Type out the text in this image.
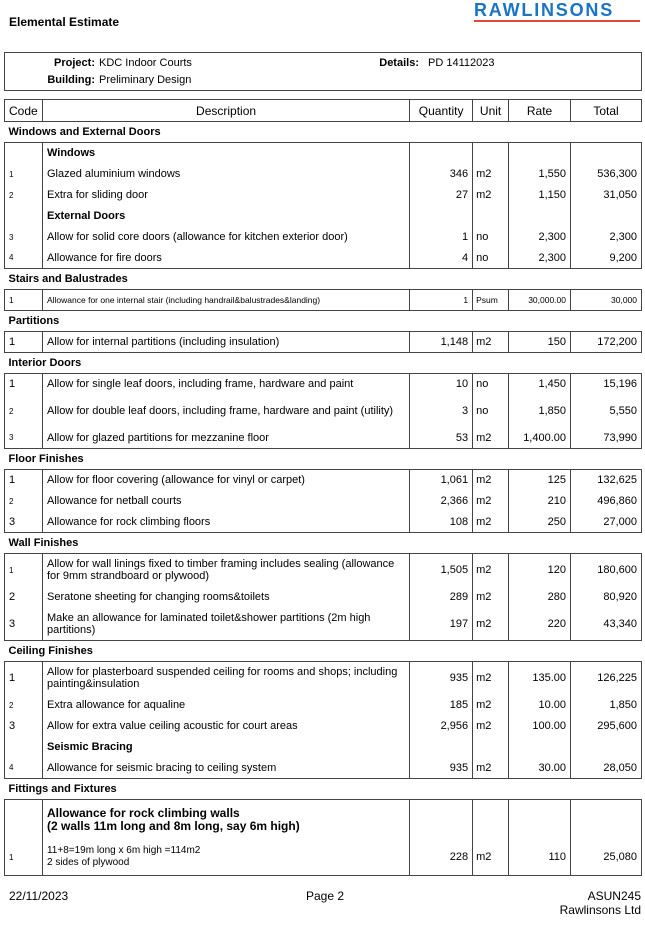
Elemental Estimate
RAWLINSONS
Project: KDC Indoor Courts
Building: Preliminary Design
Details: PD 14112023
Code	Description	Quantity	Unit	Rate	Total
Windows and External Doors					
	Windows				
1	Glazed aluminium windows	346	m2	1,550	536,300
2	Extra for sliding door	27	m2	1,150	31,050
	External Doors				
3	Allow for solid core doors (allowance for kitchen exterior door)	1	no	2,300	2,300
4	Allowance for fire doors	4	no	2,300	9,200
Stairs and Balustrades					
1	Allowance for one internal stair (including handrail&balustrades&landing)	1	Psum	30,000.00	30,000
Partitions					
1	Allow for internal partitions (including insulation)	1,148	m2	150	172,200
Interior Doors					
1	Allow for single leaf doors, including frame, hardware and paint	10	no	1,450	15,196
2	Allow for double leaf doors, including frame, hardware and paint (utility)	3	no	1,850	5,550
3	Allow for glazed partitions for mezzanine floor	53	m2	1,400.00	73,990
Floor Finishes					
1	Allow for floor covering (allowance for vinyl or carpet)	1,061	m2	125	132,625
2	Allowance for netball courts	2,366	m2	210	496,860
3	Allowance for rock climbing floors	108	m2	250	27,000
Wall Finishes					
1	Allow for wall linings fixed to timber framing includes sealing (allowance for 9mm strandboard or plywood)	1,505	m2	120	180,600
2	Seratone sheeting for changing rooms&toilets	289	m2	280	80,920
3	Make an allowance for laminated toilet&shower partitions (2m high partitions)	197	m2	220	43,340
Ceiling Finishes					
1	Allow for plasterboard suspended ceiling for rooms and shops; including painting&insulation	935	m2	135.00	126,225
2	Extra allowance for aqualine	185	m2	10.00	1,850
3	Allow for extra value ceiling acoustic for court areas	2,956	m2	100.00	295,600
	Seismic Bracing				
4	Allowance for seismic bracing to ceiling system	935	m2	30.00	28,050
Fittings and Fixtures					
	Allowance for rock climbing walls
(2 walls 11m long and 8m long, say 6m high)				
1	11+8=19m long x 6m high =114m2
2 sides of plywood	228	m2	110	25,080
22/11/2023	Page 2	ASUN245
Rawlinsons Ltd
